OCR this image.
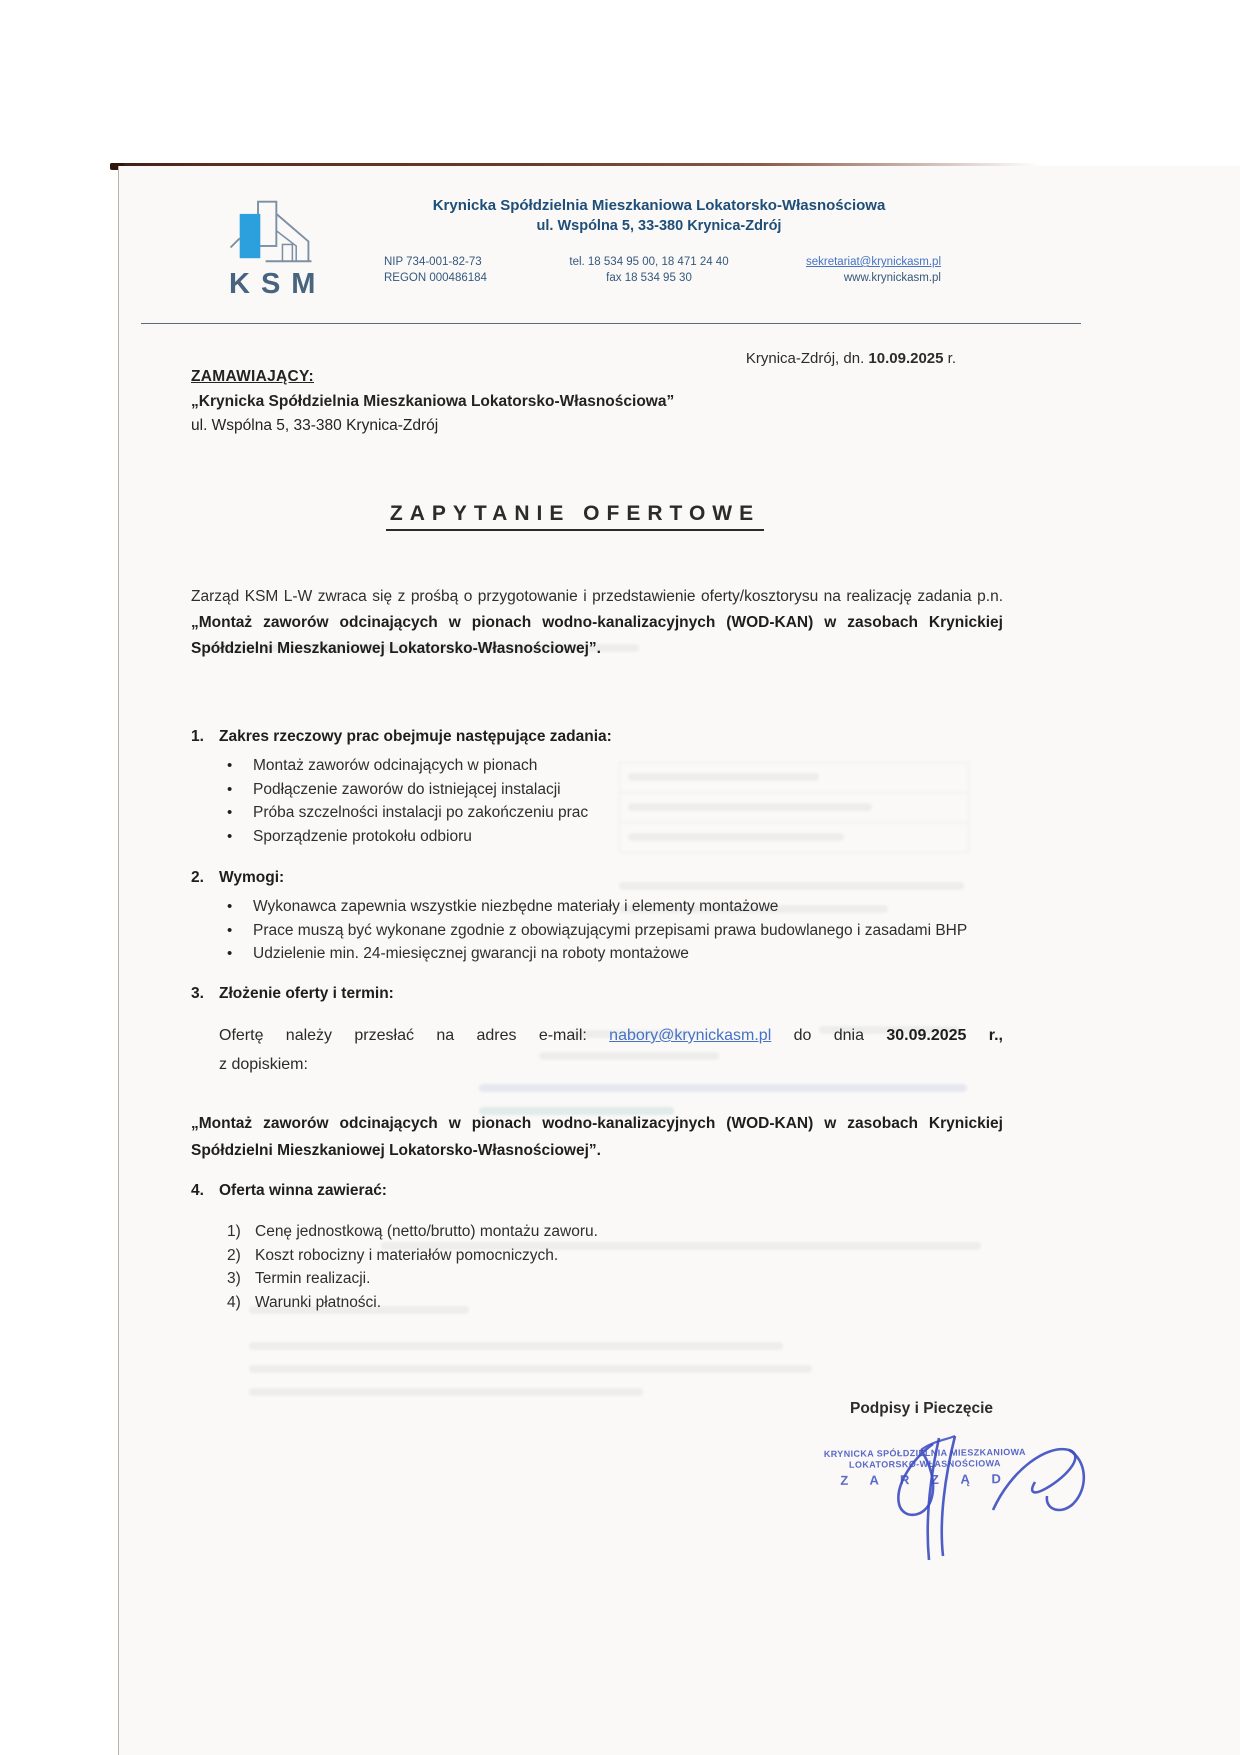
KSM
Krynicka Spółdzielnia Mieszkaniowa Lokatorsko-Własnościowa
ul. Wspólna 5, 33-380 Krynica-Zdrój
NIP 734-001-82-73
REGON 000486184
tel. 18 534 95 00, 18 471 24 40
fax 18 534 95 30
sekretariat@krynickasm.pl
www.krynickasm.pl
Krynica-Zdrój, dn. 10.09.2025 r.
ZAMAWIAJĄCY:
„Krynicka Spółdzielnia Mieszkaniowa Lokatorsko-Własnościowa”
ul. Wspólna 5, 33-380 Krynica-Zdrój
ZAPYTANIE OFERTOWE

Zarząd KSM L-W zwraca się z prośbą o przygotowanie i przedstawienie oferty/kosztorysu na realizację zadania p.n. „Montaż zaworów odcinających w pionach wodno-kanalizacyjnych (WOD-KAN) w zasobach Krynickiej Spółdzielni Mieszkaniowej Lokatorsko-Własnościowej”.

1. Zakres rzeczowy prac obejmuje następujące zadania:
• Montaż zaworów odcinających w pionach
• Podłączenie zaworów do istniejącej instalacji
• Próba szczelności instalacji po zakończeniu prac
• Sporządzenie protokołu odbioru
2. Wymogi:
• Wykonawca zapewnia wszystkie niezbędne materiały i elementy montażowe
• Prace muszą być wykonane zgodnie z obowiązującymi przepisami prawa budowlanego i zasadami BHP
• Udzielenie min. 24-miesięcznej gwarancji na roboty montażowe
3. Złożenie oferty i termin:
Ofertę należy przesłać na adres e-mail: nabory@krynickasm.pl do dnia 30.09.2025 r.,
z dopiskiem:

„Montaż zaworów odcinających w pionach wodno-kanalizacyjnych (WOD-KAN) w zasobach Krynickiej Spółdzielni Mieszkaniowej Lokatorsko-Własnościowej”.

4. Oferta winna zawierać:
1) Cenę jednostkową (netto/brutto) montażu zaworu.
2) Koszt robocizny i materiałów pomocniczych.
3) Termin realizacji.
4) Warunki płatności.
Podpisy i Pieczęcie
KRYNICKA SPÓŁDZIELNIA MIESZKANIOWA
LOKATORSKO-WŁASNOŚCIOWA
Z A R Z Ą D
